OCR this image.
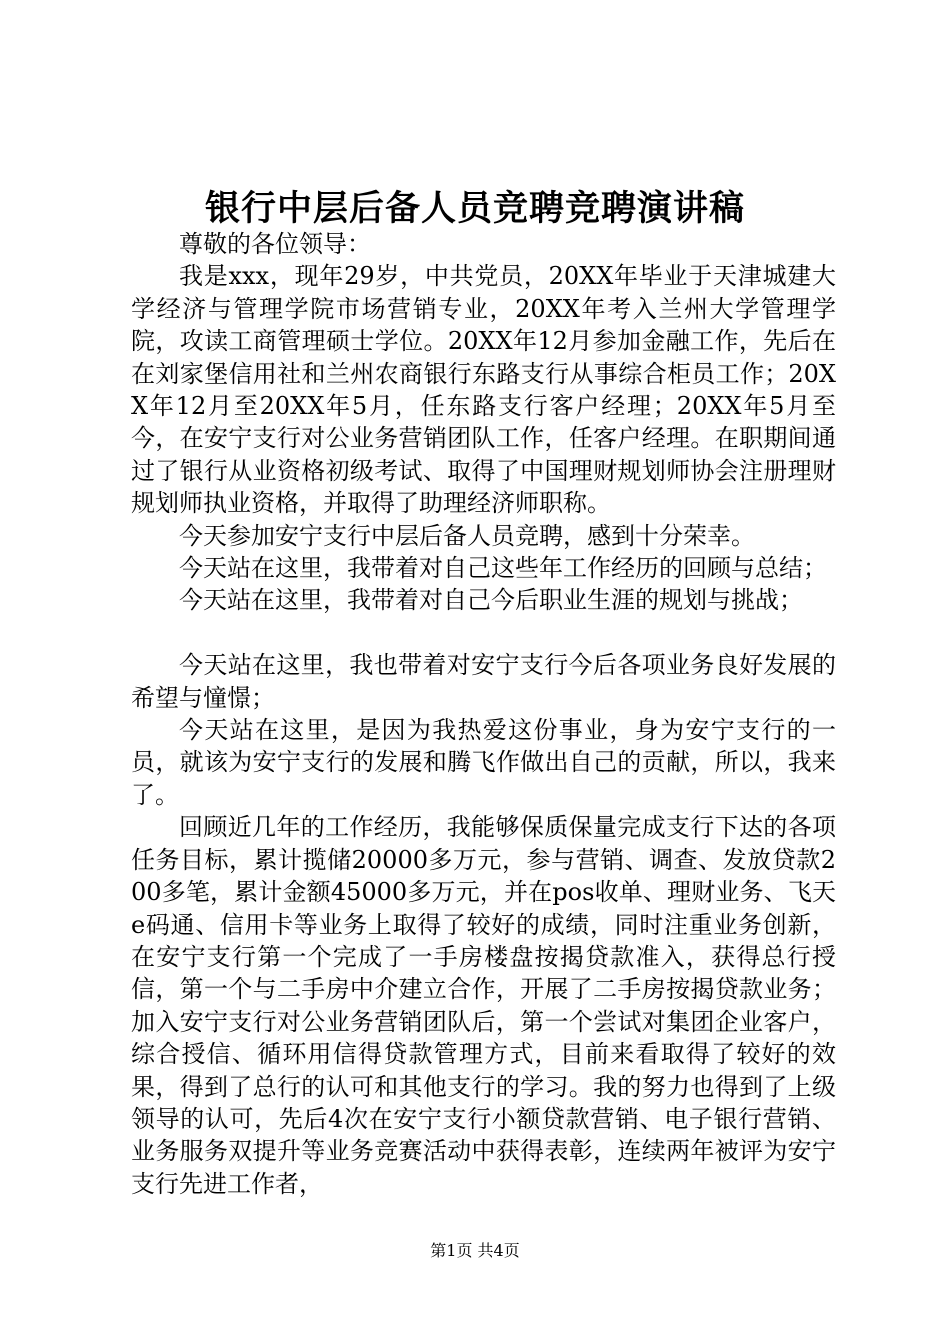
银行中层后备人员竞聘竞聘演讲稿

尊敬的各位领导：

我是xxx，现年29岁，中共党员，20XX年毕业于天津城建大学经济与管理学院市场营销专业，20XX年考入兰州大学管理学院，攻读工商管理硕士学位。20XX年12月参加金融工作，先后在在刘家堡信用社和兰州农商银行东路支行从事综合柜员工作；20XX年12月至20XX年5月，任东路支行客户经理；20XX年5月至今，在安宁支行对公业务营销团队工作，任客户经理。在职期间通过了银行从业资格初级考试、取得了中国理财规划师协会注册理财规划师执业资格，并取得了助理经济师职称。

今天参加安宁支行中层后备人员竞聘，感到十分荣幸。

今天站在这里，我带着对自己这些年工作经历的回顾与总结；

今天站在这里，我带着对自己今后职业生涯的规划与挑战；

今天站在这里，我也带着对安宁支行今后各项业务良好发展的希望与憧憬；

今天站在这里，是因为我热爱这份事业，身为安宁支行的一员，就该为安宁支行的发展和腾飞作做出自己的贡献，所以，我来了。

回顾近几年的工作经历，我能够保质保量完成支行下达的各项任务目标，累计揽储20000多万元，参与营销、调查、发放贷款200多笔，累计金额45000多万元，并在pos收单、理财业务、飞天e码通、信用卡等业务上取得了较好的成绩，同时注重业务创新，在安宁支行第一个完成了一手房楼盘按揭贷款准入，获得总行授信，第一个与二手房中介建立合作，开展了二手房按揭贷款业务；加入安宁支行对公业务营销团队后，第一个尝试对集团企业客户，综合授信、循环用信得贷款管理方式，目前来看取得了较好的效果，得到了总行的认可和其他支行的学习。我的努力也得到了上级领导的认可，先后4次在安宁支行小额贷款营销、电子银行营销、业务服务双提升等业务竞赛活动中获得表彰，连续两年被评为安宁支行先进工作者，

第1页 共4页
